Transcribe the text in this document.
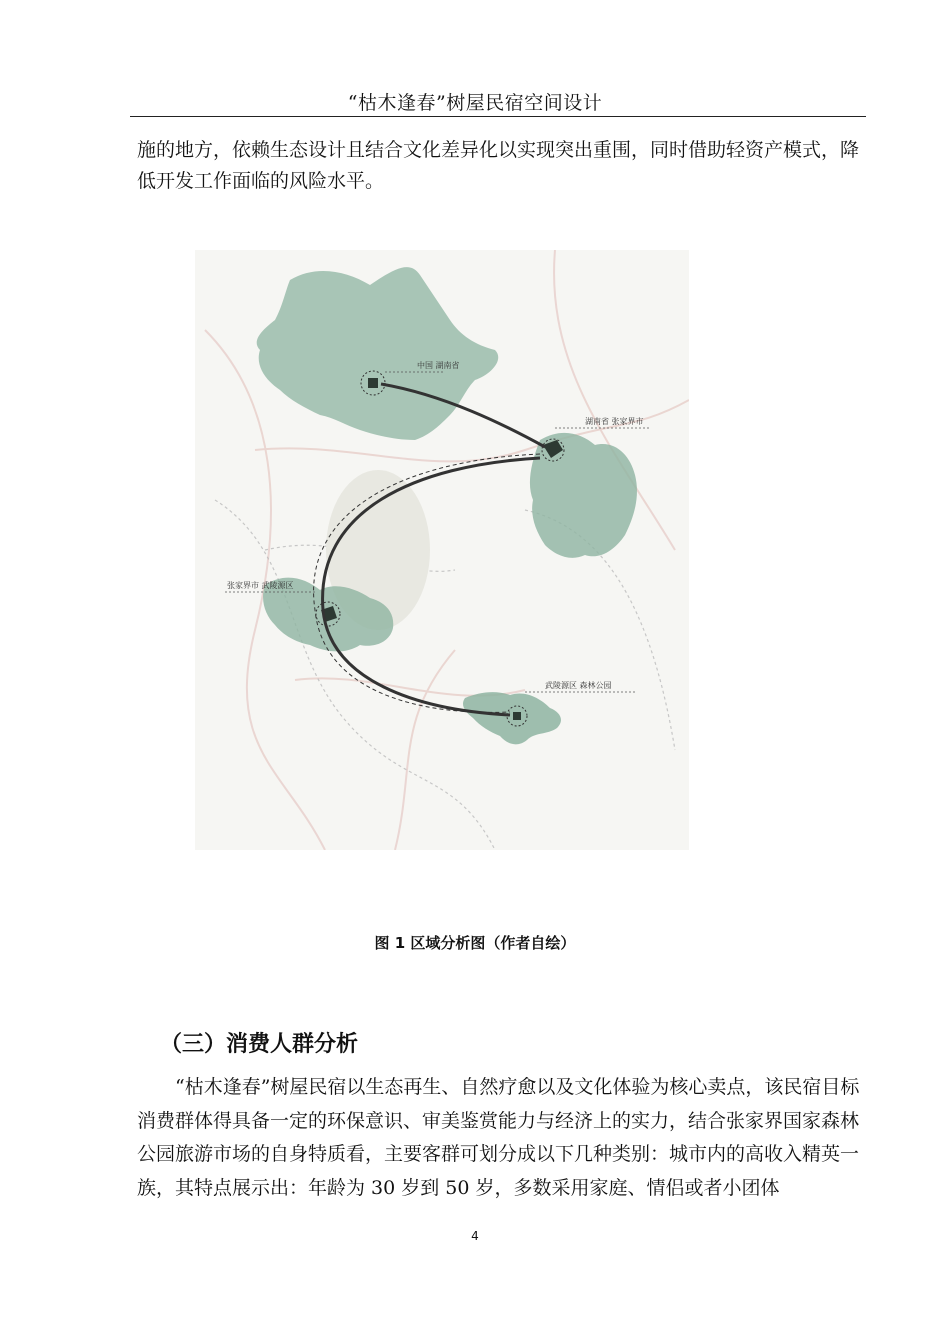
“枯木逢春”树屋民宿空间设计

施的地方，依赖生态设计且结合文化差异化以实现突出重围，同时借助轻资产模式，降低开发工作面临的风险水平。

中国 湖南省
湖南省 张家界市
张家界市 武陵源区
武陵源区 森林公园
图 1 区域分析图（作者自绘）
（三）消费人群分析

“枯木逢春”树屋民宿以生态再生、自然疗愈以及文化体验为核心卖点，该民宿目标消费群体得具备一定的环保意识、审美鉴赏能力与经济上的实力，结合张家界国家森林公园旅游市场的自身特质看，主要客群可划分成以下几种类别：城市内的高收入精英一族，其特点展示出：年龄为 30 岁到 50 岁，多数采用家庭、情侣或者小团体

4
